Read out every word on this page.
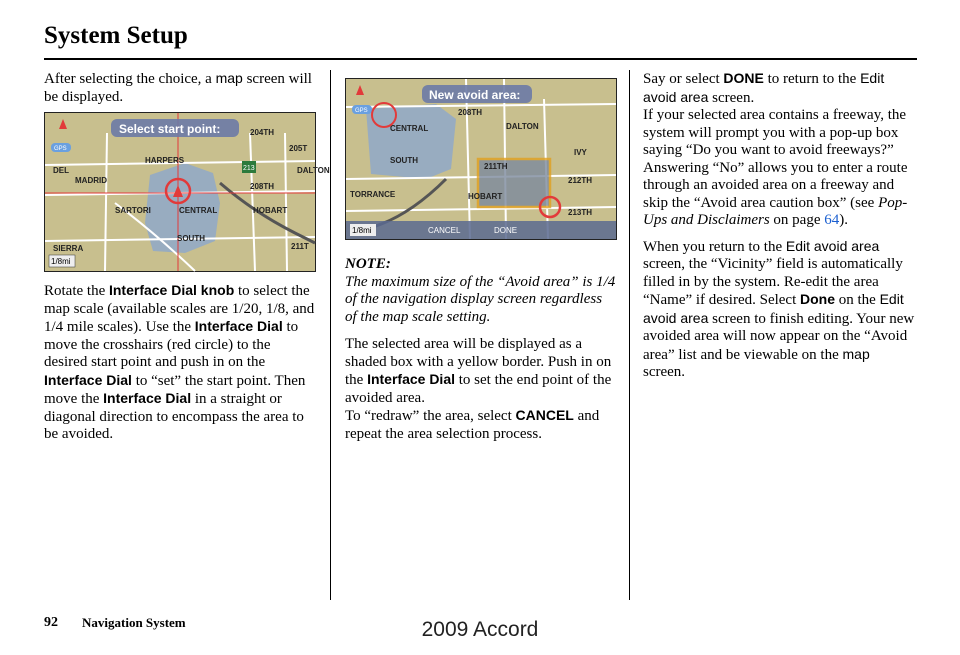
System Setup

After selecting the choice, a map screen will be displayed.

Select start point:	204TH
205T
208TH
211T
HARPERS
CENTRAL
SOUTH
SIERRA
DALTON
HOBART
SARTORI
MADRID
DEL	213
GPS
1/8mi

Rotate the Interface Dial knob to select the map scale (available scales are 1/20, 1/8, and 1/4 mile scales). Use the Interface Dial to move the crosshairs (red circle) to the desired start point and push in on the Interface Dial to “set” the start point. Then move the Interface Dial in a straight or diagonal direction to encompass the area to be avoided.

New avoid area:
208TH
CENTRAL
SOUTH
211TH
212TH
213TH
IVY
HOBART
DALTON
TORRANCE
GPS
1/8mi	CANCEL	DONE

NOTE:

The maximum size of the “Avoid area” is 1/4 of the navigation display screen regardless of the map scale setting.

The selected area will be displayed as a shaded box with a yellow border. Push in on the Interface Dial to set the end point of the avoided area.

To “redraw” the area, select CANCEL and repeat the area selection process.

Say or select DONE to return to the Edit avoid area screen.

If your selected area contains a freeway, the system will prompt you with a pop-up box saying “Do you want to avoid freeways?” Answering “No” allows you to enter a route through an avoided area on a freeway and skip the “Avoid area caution box” (see Pop-Ups and Disclaimers on page 64).

When you return to the Edit avoid area screen, the “Vicinity” field is automatically filled in by the system. Re-edit the area “Name” if desired. Select Done on the Edit avoid area screen to finish editing. Your new avoided area will now appear on the “Avoid area” list and be viewable on the map screen.

92 Navigation System	2009 Accord
